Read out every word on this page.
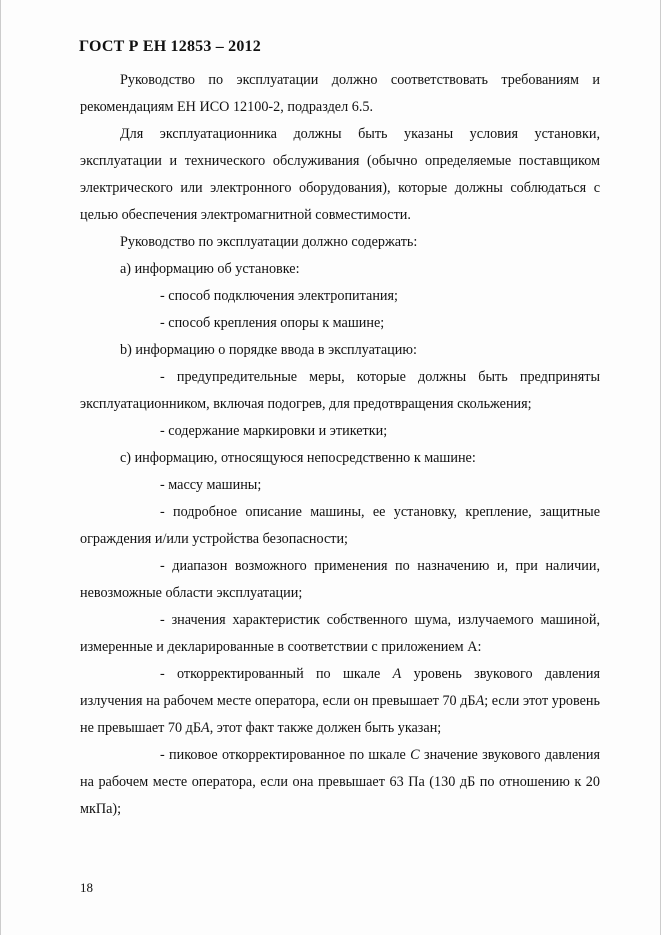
ГОСТ Р ЕН 12853 – 2012

Руководство по эксплуатации должно соответствовать требованиям и рекомендациям ЕН ИСО 12100-2, подраздел 6.5.

Для эксплуатационника должны быть указаны условия установки, эксплуатации и технического обслуживания (обычно определяемые поставщиком электрического или электронного оборудования), которые должны соблюдаться с целью обеспечения электромагнитной совместимости.

Руководство по эксплуатации должно содержать:

а) информацию об установке:

- способ подключения электропитания;

- способ крепления опоры к машине;

b) информацию о порядке ввода в эксплуатацию:

- предупредительные меры, которые должны быть предприняты эксплуатационником, включая подогрев, для предотвращения скольжения;

- содержание маркировки и этикетки;

с) информацию, относящуюся непосредственно к машине:

- массу машины;

- подробное описание машины, ее установку, крепление, защитные ограждения и/или устройства безопасности;

- диапазон возможного применения по назначению и, при наличии, невозможные области эксплуатации;

- значения характеристик собственного шума, излучаемого машиной, измеренные и декларированные в соответствии с приложением А:

- откорректированный по шкале А уровень звукового давления излучения на рабочем месте оператора, если он превышает 70 дБА; если этот уровень не превышает 70 дБА, этот факт также должен быть указан;

- пиковое откорректированное по шкале С значение звукового давления на рабочем месте оператора, если она превышает 63 Па (130 дБ по отношению к 20 мкПа);

18
